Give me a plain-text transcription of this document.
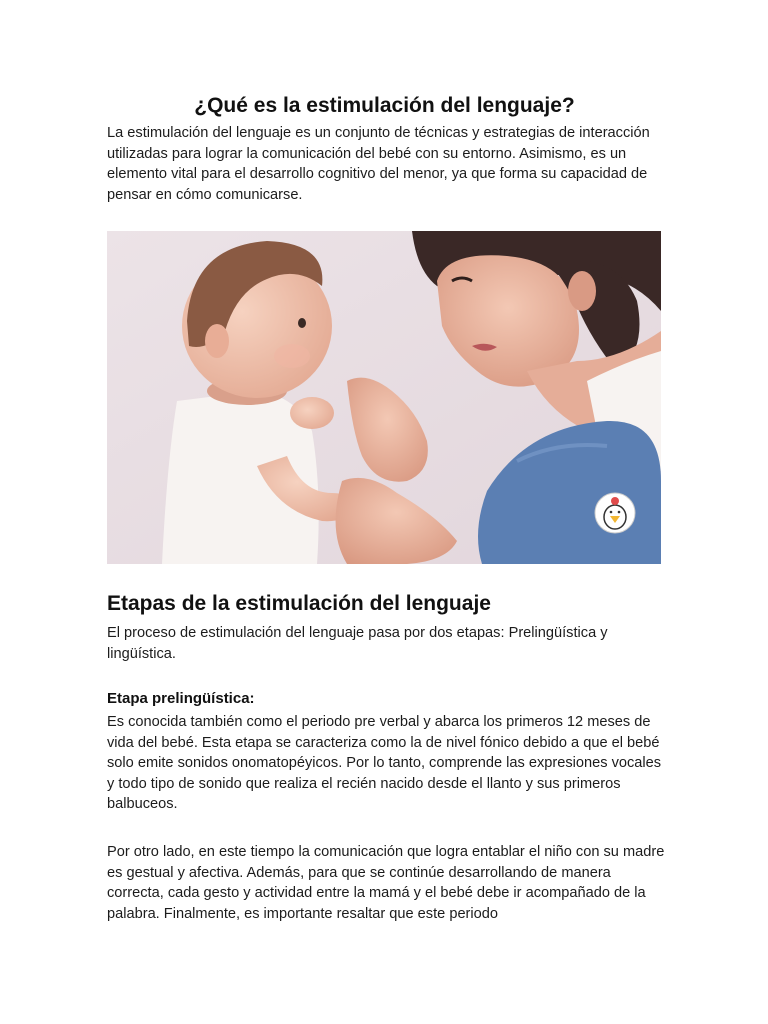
¿Qué es la estimulación del lenguaje?

La estimulación del lenguaje es un conjunto de técnicas y estrategias de interacción utilizadas para lograr la comunicación del bebé con su entorno. Asimismo, es un elemento vital para el desarrollo cognitivo del menor, ya que forma su capacidad de pensar en cómo comunicarse.

Etapas de la estimulación del lenguaje

El proceso de estimulación del lenguaje pasa por dos etapas: Prelingüística y lingüística.

Etapa prelingüística:

Es conocida también como el periodo pre verbal y abarca los primeros 12 meses de vida del bebé. Esta etapa se caracteriza como la de nivel fónico debido a que el bebé solo emite sonidos onomatopéyicos. Por lo tanto, comprende las expresiones vocales y todo tipo de sonido que realiza el recién nacido desde el llanto y sus primeros balbuceos.

Por otro lado, en este tiempo la comunicación que logra entablar el niño con su madre es gestual y afectiva. Además, para que se continúe desarrollando de manera correcta, cada gesto y actividad entre la mamá y el bebé debe ir acompañado de la palabra. Finalmente, es importante resaltar que este periodo
